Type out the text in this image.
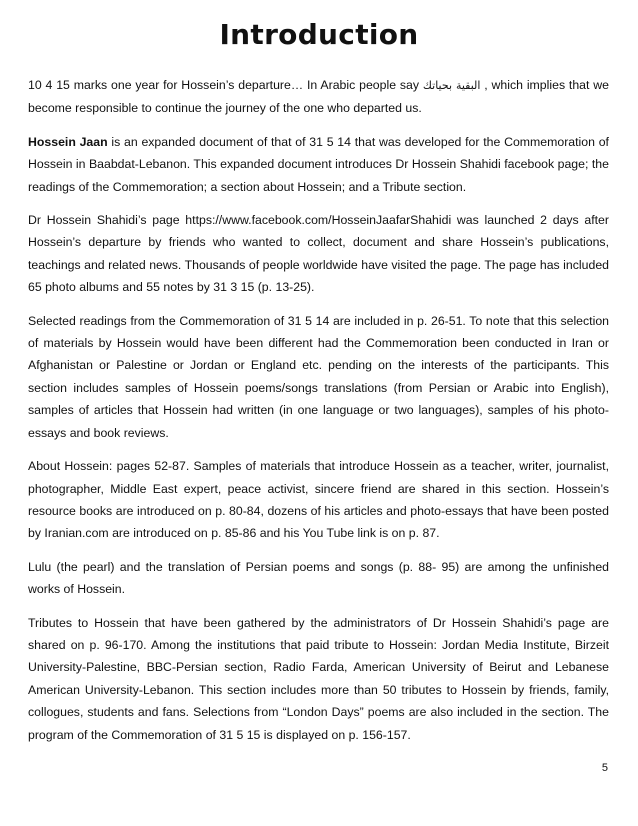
Introduction

10 4 15 marks one year for Hossein’s departure… In Arabic people say البقية بحياتك , which implies that we become responsible to continue the journey of the one who departed us.

Hossein Jaan is an expanded document of that of 31 5 14 that was developed for the Commemoration of Hossein in Baabdat-Lebanon. This expanded document introduces Dr Hossein Shahidi facebook page; the readings of the Commemoration; a section about Hossein; and a Tribute section.

Dr Hossein Shahidi’s page https://www.facebook.com/HosseinJaafarShahidi was launched 2 days after Hossein’s departure by friends who wanted to collect, document and share Hossein’s publications, teachings and related news. Thousands of people worldwide have visited the page. The page has included 65 photo albums and 55 notes by 31 3 15 (p. 13-25).

Selected readings from the Commemoration of 31 5 14 are included in p. 26-51. To note that this selection of materials by Hossein would have been different had the Commemoration been conducted in Iran or Afghanistan or Palestine or Jordan or England etc. pending on the interests of the participants. This section includes samples of Hossein poems/songs translations (from Persian or Arabic into English), samples of articles that Hossein had written (in one language or two languages), samples of his photo-essays and book reviews.

About Hossein: pages 52-87. Samples of materials that introduce Hossein as a teacher, writer, journalist, photographer, Middle East expert, peace activist, sincere friend are shared in this section. Hossein’s resource books are introduced on p. 80-84, dozens of his articles and photo-essays that have been posted by Iranian.com are introduced on p. 85-86 and his You Tube link is on p. 87.

Lulu (the pearl) and the translation of Persian poems and songs (p. 88- 95) are among the unfinished works of Hossein.

Tributes to Hossein that have been gathered by the administrators of Dr Hossein Shahidi’s page are shared on p. 96-170. Among the institutions that paid tribute to Hossein: Jordan Media Institute, Birzeit University-Palestine, BBC-Persian section, Radio Farda, American University of Beirut and Lebanese American University-Lebanon. This section includes more than 50 tributes to Hossein by friends, family, collogues, students and fans. Selections from “London Days” poems are also included in the section. The program of the Commemoration of 31 5 15 is displayed on p. 156-157.

5
